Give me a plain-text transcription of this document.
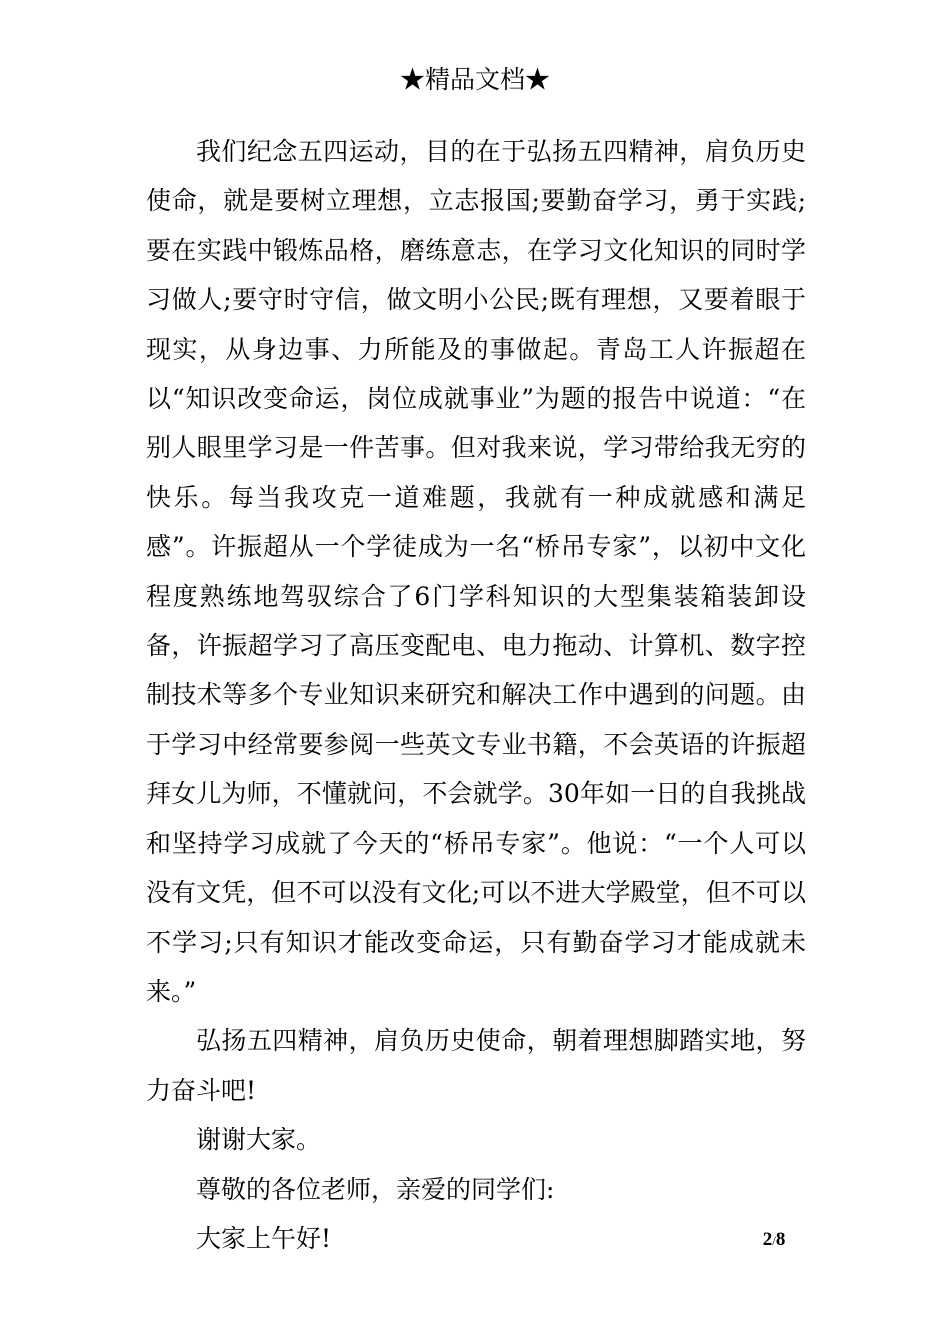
★精品文档★

我们纪念五四运动，目的在于弘扬五四精神，肩负历史使命，就是要树立理想，立志报国;要勤奋学习，勇于实践;要在实践中锻炼品格，磨练意志，在学习文化知识的同时学习做人;要守时守信，做文明小公民;既有理想，又要着眼于现实，从身边事、力所能及的事做起。青岛工人许振超在以“知识改变命运，岗位成就事业”为题的报告中说道：“在别人眼里学习是一件苦事。但对我来说，学习带给我无穷的快乐。每当我攻克一道难题，我就有一种成就感和满足感”。许振超从一个学徒成为一名“桥吊专家”，以初中文化程度熟练地驾驭综合了6门学科知识的大型集装箱装卸设备，许振超学习了高压变配电、电力拖动、计算机、数字控制技术等多个专业知识来研究和解决工作中遇到的问题。由于学习中经常要参阅一些英文专业书籍，不会英语的许振超拜女儿为师，不懂就问，不会就学。30年如一日的自我挑战和坚持学习成就了今天的“桥吊专家”。他说：“一个人可以没有文凭，但不可以没有文化;可以不进大学殿堂，但不可以不学习;只有知识才能改变命运，只有勤奋学习才能成就未来。”

弘扬五四精神，肩负历史使命，朝着理想脚踏实地，努力奋斗吧!

谢谢大家。

尊敬的各位老师，亲爱的同学们:

大家上午好!	2/8
